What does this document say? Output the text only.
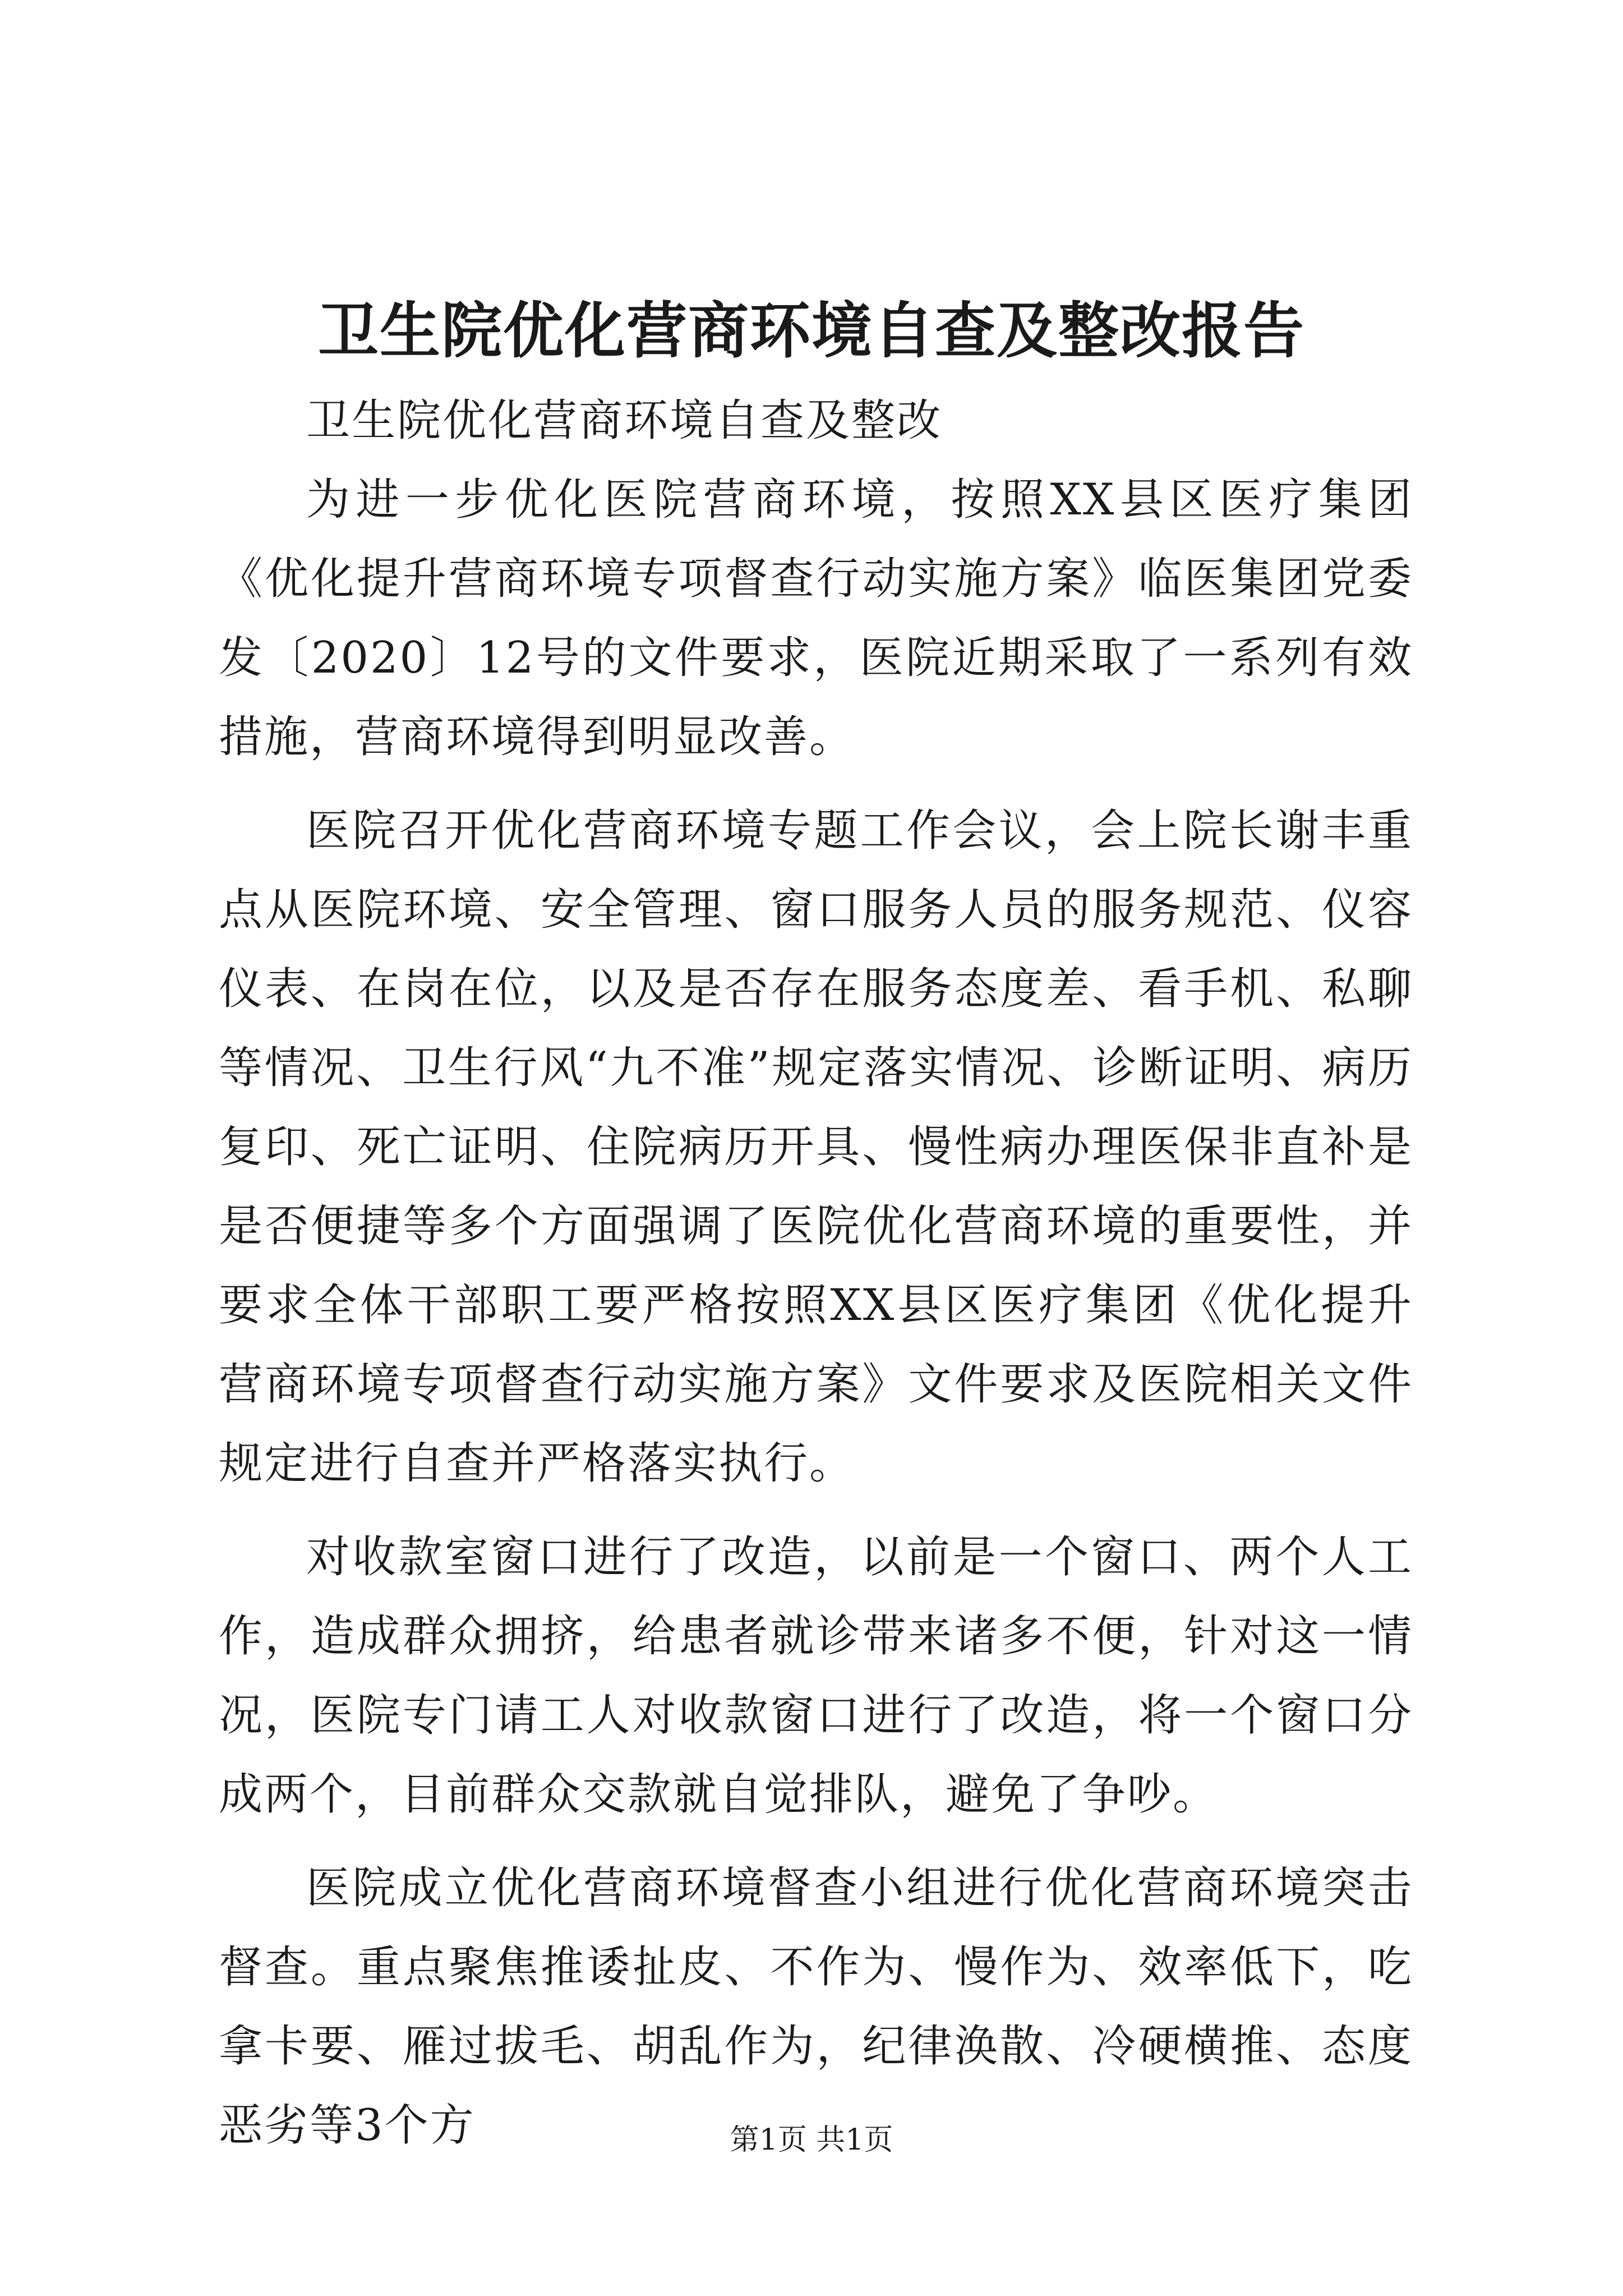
卫生院优化营商环境自查及整改报告

卫生院优化营商环境自查及整改

为进一步优化医院营商环境，按照XX县区医疗集团《优化提升营商环境专项督查行动实施方案》临医集团党委发〔2020〕12号的文件要求，医院近期采取了一系列有效措施，营商环境得到明显改善。

医院召开优化营商环境专题工作会议，会上院长谢丰重点从医院环境、安全管理、窗口服务人员的服务规范、仪容仪表、在岗在位，以及是否存在服务态度差、看手机、私聊等情况、卫生行风“九不准”规定落实情况、诊断证明、病历复印、死亡证明、住院病历开具、慢性病办理医保非直补是是否便捷等多个方面强调了医院优化营商环境的重要性，并要求全体干部职工要严格按照XX县区医疗集团《优化提升营商环境专项督查行动实施方案》文件要求及医院相关文件规定进行自查并严格落实执行。

对收款室窗口进行了改造，以前是一个窗口、两个人工作，造成群众拥挤，给患者就诊带来诸多不便，针对这一情况，医院专门请工人对收款窗口进行了改造，将一个窗口分成两个，目前群众交款就自觉排队，避免了争吵。

医院成立优化营商环境督查小组进行优化营商环境突击督查。重点聚焦推诿扯皮、不作为、慢作为、效率低下，吃拿卡要、雁过拔毛、胡乱作为，纪律涣散、冷硬横推、态度恶劣等3个方	第1页 共1页
